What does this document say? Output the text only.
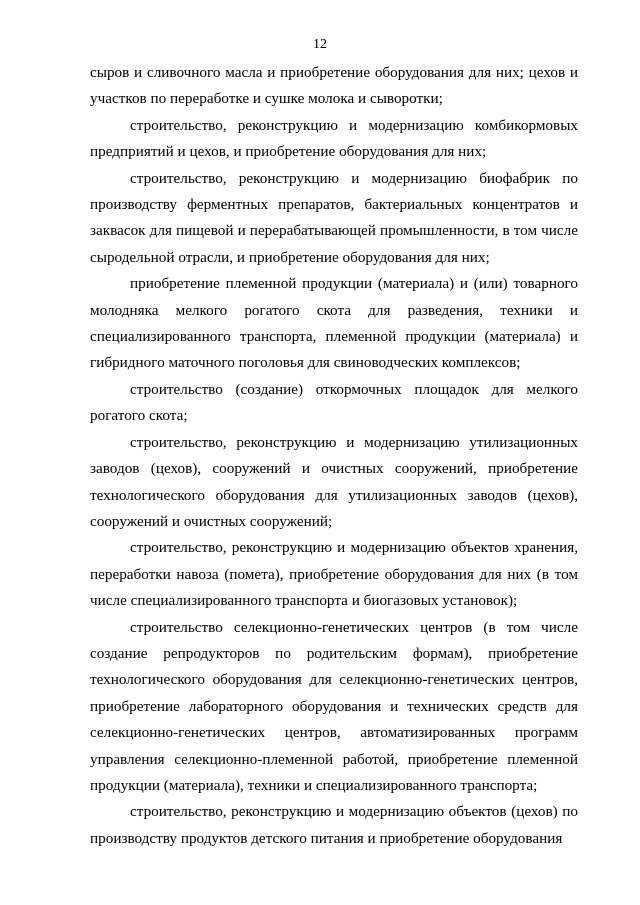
12

сыров и сливочного масла и приобретение оборудования для них; цехов и участков по переработке и сушке молока и сыворотки;

строительство, реконструкцию и модернизацию комбикормовых предприятий и цехов, и приобретение оборудования для них;

строительство, реконструкцию и модернизацию биофабрик по производству ферментных препаратов, бактериальных концентратов и заквасок для пищевой и перерабатывающей промышленности, в том числе сыродельной отрасли, и приобретение оборудования для них;

приобретение племенной продукции (материала) и (или) товарного молодняка мелкого рогатого скота для разведения, техники и специализированного транспорта, племенной продукции (материала) и гибридного маточного поголовья для свиноводческих комплексов;

строительство (создание) откормочных площадок для мелкого рогатого скота;

строительство, реконструкцию и модернизацию утилизационных заводов (цехов), сооружений и очистных сооружений, приобретение технологического оборудования для утилизационных заводов (цехов), сооружений и очистных сооружений;

строительство, реконструкцию и модернизацию объектов хранения, переработки навоза (помета), приобретение оборудования для них (в том числе специализированного транспорта и биогазовых установок);

строительство селекционно-генетических центров (в том числе создание репродукторов по родительским формам), приобретение технологического оборудования для селекционно-генетических центров, приобретение лабораторного оборудования и технических средств для селекционно-генетических центров, автоматизированных программ управления селекционно-племенной работой, приобретение племенной продукции (материала), техники и специализированного транспорта;

строительство, реконструкцию и модернизацию объектов (цехов) по производству продуктов детского питания и приобретение оборудования
